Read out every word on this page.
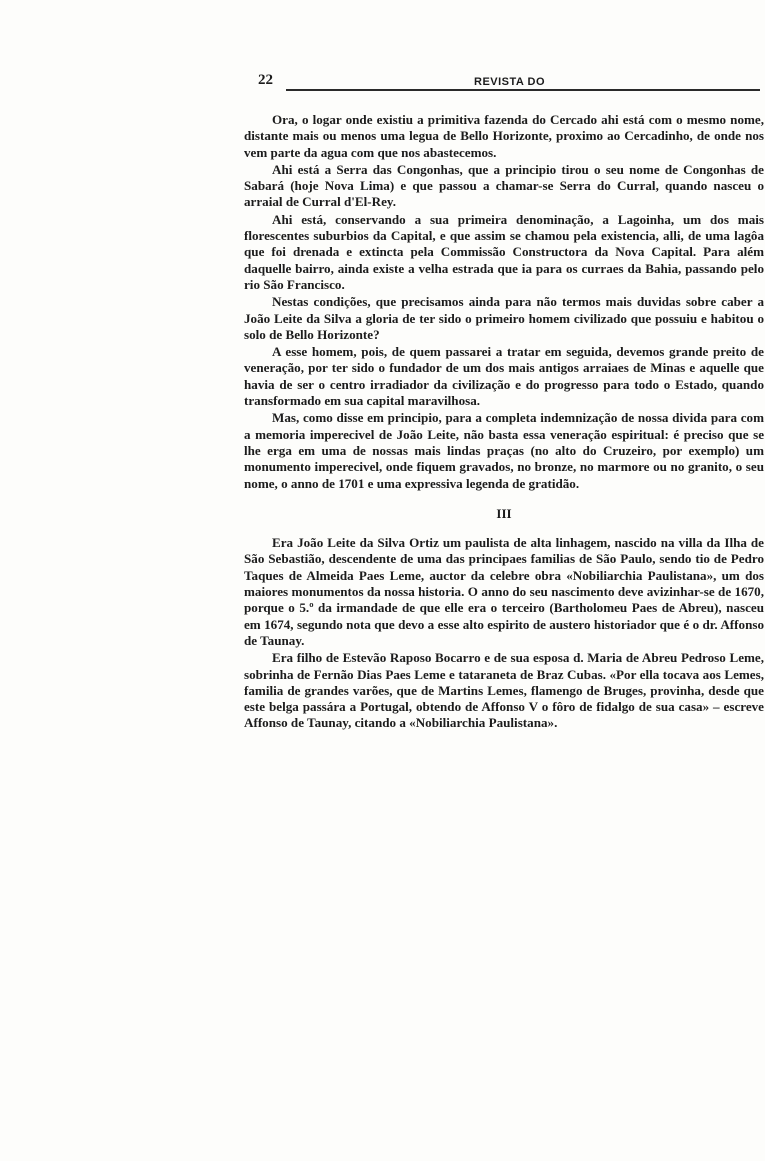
22	REVISTA DO

Ora, o logar onde existiu a primitiva fazenda do Cercado ahi está com o mesmo nome, distante mais ou menos uma legua de Bello Horizonte, proximo ao Cercadinho, de onde nos vem parte da agua com que nos abastecemos.

Ahi está a Serra das Congonhas, que a principio tirou o seu nome de Congonhas de Sabará (hoje Nova Lima) e que passou a chamar-se Serra do Curral, quando nasceu o arraial de Curral d'El-Rey.

Ahi está, conservando a sua primeira denominação, a Lagoinha, um dos mais florescentes suburbios da Capital, e que assim se chamou pela existencia, alli, de uma lagôa que foi drenada e extincta pela Commissão Constructora da Nova Capital. Para além daquelle bairro, ainda existe a velha estrada que ia para os curraes da Bahia, passando pelo rio São Francisco.

Nestas condições, que precisamos ainda para não termos mais duvidas sobre caber a João Leite da Silva a gloria de ter sido o primeiro homem civilizado que possuiu e habitou o solo de Bello Horizonte?

A esse homem, pois, de quem passarei a tratar em seguida, devemos grande preito de veneração, por ter sido o fundador de um dos mais antigos arraiaes de Minas e aquelle que havia de ser o centro irradiador da civilização e do progresso para todo o Estado, quando transformado em sua capital maravilhosa.

Mas, como disse em principio, para a completa indemnização de nossa divida para com a memoria imperecivel de João Leite, não basta essa veneração espiritual: é preciso que se lhe erga em uma de nossas mais lindas praças (no alto do Cruzeiro, por exemplo) um monumento imperecivel, onde fiquem gravados, no bronze, no marmore ou no granito, o seu nome, o anno de 1701 e uma expressiva legenda de gratidão.

III

Era João Leite da Silva Ortiz um paulista de alta linhagem, nascido na villa da Ilha de São Sebastião, descendente de uma das principaes familias de São Paulo, sendo tio de Pedro Taques de Almeida Paes Leme, auctor da celebre obra «Nobiliarchia Paulistana», um dos maiores monumentos da nossa historia. O anno do seu nascimento deve avizinhar-se de 1670, porque o 5.º da irmandade de que elle era o terceiro (Bartholomeu Paes de Abreu), nasceu em 1674, segundo nota que devo a esse alto espirito de austero historiador que é o dr. Affonso de Taunay.

Era filho de Estevão Raposo Bocarro e de sua esposa d. Maria de Abreu Pedroso Leme, sobrinha de Fernão Dias Paes Leme e tataraneta de Braz Cubas. «Por ella tocava aos Lemes, familia de grandes varões, que de Martins Lemes, flamengo de Bruges, provinha, desde que este belga passára a Portugal, obtendo de Affonso V o fôro de fidalgo de sua casa» – escreve Affonso de Taunay, citando a «Nobiliarchia Paulistana».
